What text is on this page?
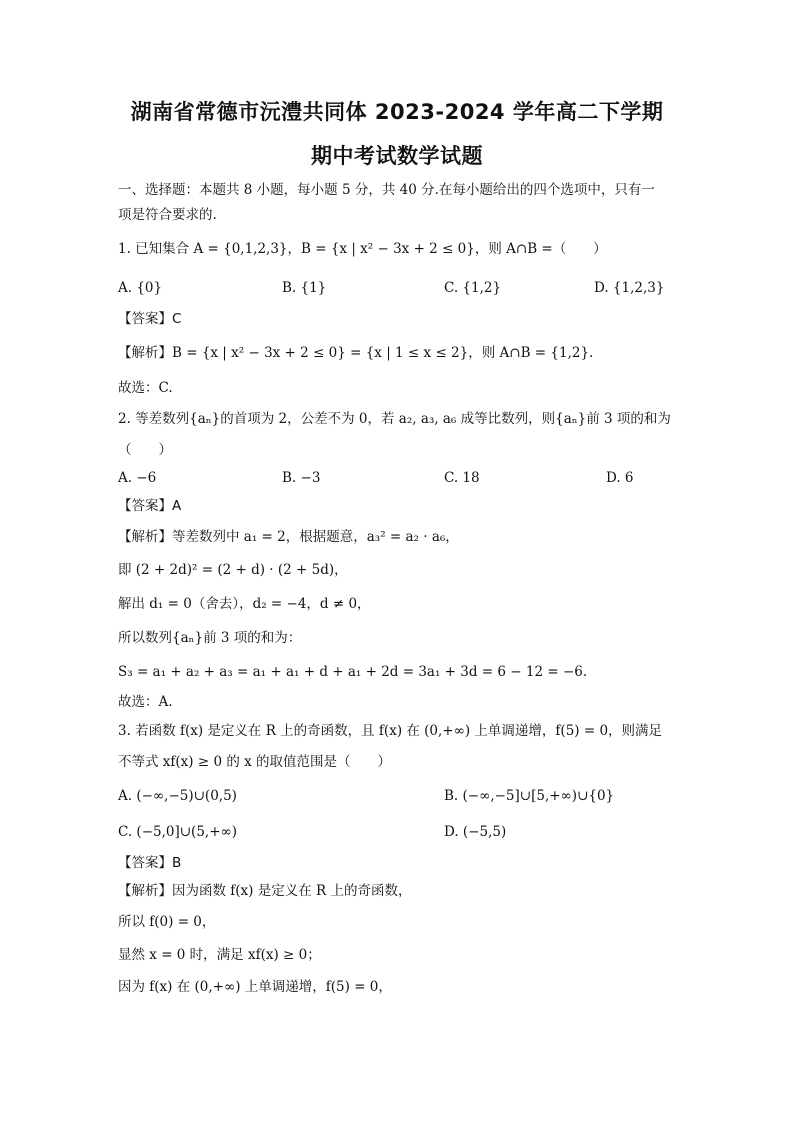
湖南省常德市沅澧共同体 2023-2024 学年高二下学期
期中考试数学试题
一、选择题：本题共 8 小题，每小题 5 分，共 40 分.在每小题给出的四个选项中，只有一
项是符合要求的.
1. 已知集合 A = {0,1,2,3}，B = {x | x² − 3x + 2 ≤ 0}，则 A∩B =（　　）
A. {0}	B. {1}	C. {1,2}	D. {1,2,3}
【答案】C
【解析】B = {x | x² − 3x + 2 ≤ 0} = {x | 1 ≤ x ≤ 2}，则 A∩B = {1,2}.
故选：C.
2. 等差数列{aₙ}的首项为 2，公差不为 0，若 a₂, a₃, a₆ 成等比数列，则{aₙ}前 3 项的和为
（　　）
A. −6	B. −3	C. 18	D. 6
【答案】A
【解析】等差数列中 a₁ = 2，根据题意，a₃² = a₂ · a₆，
即 (2 + 2d)² = (2 + d) · (2 + 5d)，
解出 d₁ = 0（舍去），d₂ = −4，d ≠ 0，
所以数列{aₙ}前 3 项的和为：
S₃ = a₁ + a₂ + a₃ = a₁ + a₁ + d + a₁ + 2d = 3a₁ + 3d = 6 − 12 = −6.
故选：A.
3. 若函数 f(x) 是定义在 R 上的奇函数，且 f(x) 在 (0,+∞) 上单调递增，f(5) = 0，则满足
不等式 xf(x) ≥ 0 的 x 的取值范围是（　　）
A. (−∞,−5)∪(0,5)	B. (−∞,−5]∪[5,+∞)∪{0}
C. (−5,0]∪(5,+∞)	D. (−5,5)
【答案】B
【解析】因为函数 f(x) 是定义在 R 上的奇函数，
所以 f(0) = 0，
显然 x = 0 时，满足 xf(x) ≥ 0；
因为 f(x) 在 (0,+∞) 上单调递增，f(5) = 0，
